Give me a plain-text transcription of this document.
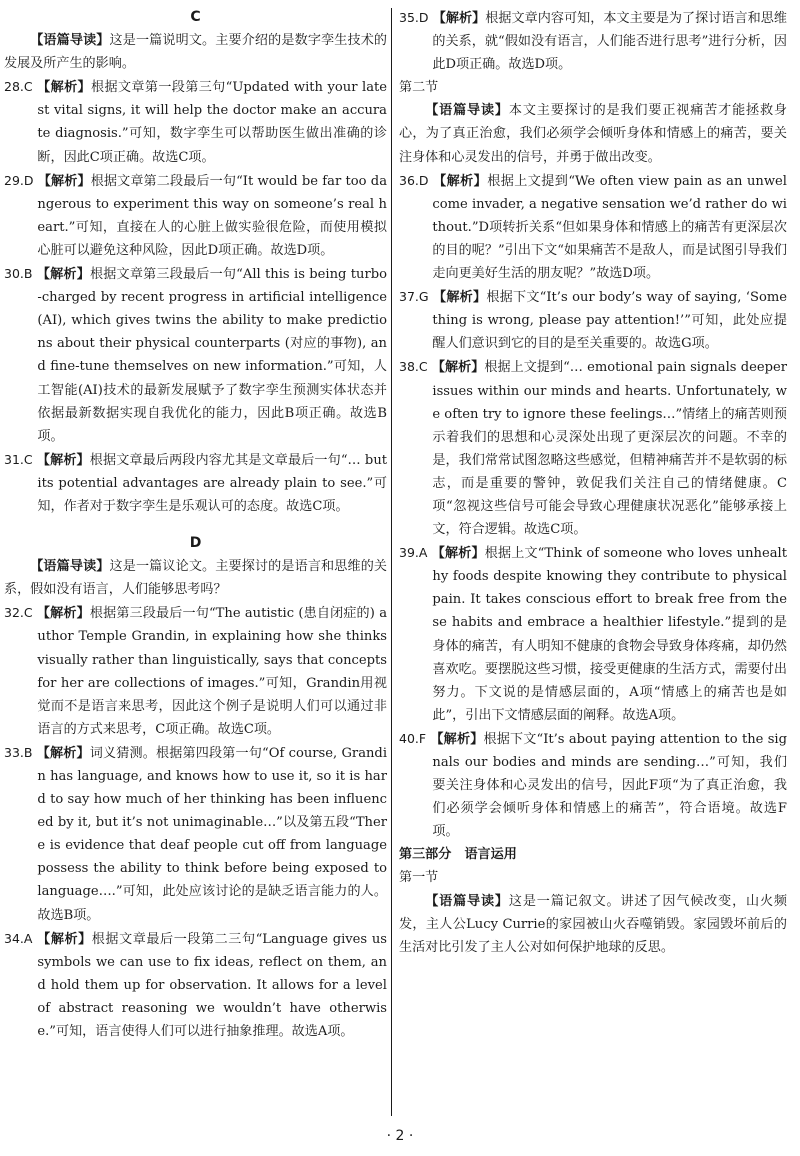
C

【语篇导读】这是一篇说明文。主要介绍的是数字孪生技术的发展及所产生的影响。

28.C 【解析】根据文章第一段第三句“Updated with your latest vital signs, it will help the doctor make an accurate diagnosis.”可知，数字孪生可以帮助医生做出准确的诊断，因此C项正确。故选C项。

29.D 【解析】根据文章第二段最后一句“It would be far too dangerous to experiment this way on someone’s real heart.”可知，直接在人的心脏上做实验很危险，而使用模拟心脏可以避免这种风险，因此D项正确。故选D项。

30.B 【解析】根据文章第三段最后一句“All this is being turbo-charged by recent progress in artificial intelligence (AI), which gives twins the ability to make predictions about their physical counterparts (对应的事物), and fine-tune themselves on new information.”可知，人工智能(AI)技术的最新发展赋予了数字孪生预测实体状态并依据最新数据实现自我优化的能力，因此B项正确。故选B项。

31.C 【解析】根据文章最后两段内容尤其是文章最后一句“… but its potential advantages are already plain to see.”可知，作者对于数字孪生是乐观认可的态度。故选C项。

D

【语篇导读】这是一篇议论文。主要探讨的是语言和思维的关系，假如没有语言，人们能够思考吗？

32.C 【解析】根据第三段最后一句“The autistic (患自闭症的) author Temple Grandin, in explaining how she thinks visually rather than linguistically, says that concepts for her are collections of images.”可知，Grandin用视觉而不是语言来思考，因此这个例子是说明人们可以通过非语言的方式来思考，C项正确。故选C项。

33.B 【解析】词义猜测。根据第四段第一句“Of course, Grandin has language, and knows how to use it, so it is hard to say how much of her thinking has been influenced by it, but it’s not unimaginable…”以及第五段“There is evidence that deaf people cut off from language possess the ability to think before being exposed to language….”可知，此处应该讨论的是缺乏语言能力的人。故选B项。

34.A 【解析】根据文章最后一段第二三句“Language gives us symbols we can use to fix ideas, reflect on them, and hold them up for observation. It allows for a level of abstract reasoning we wouldn’t have otherwise.”可知，语言使得人们可以进行抽象推理。故选A项。

35.D 【解析】根据文章内容可知，本文主要是为了探讨语言和思维的关系，就“假如没有语言，人们能否进行思考”进行分析，因此D项正确。故选D项。

第二节

【语篇导读】本文主要探讨的是我们要正视痛苦才能拯救身心，为了真正治愈，我们必须学会倾听身体和情感上的痛苦，要关注身体和心灵发出的信号，并勇于做出改变。

36.D 【解析】根据上文提到“We often view pain as an unwelcome invader, a negative sensation we’d rather do without.”D项转折关系“但如果身体和情感上的痛苦有更深层次的目的呢？”引出下文“如果痛苦不是敌人，而是试图引导我们走向更美好生活的朋友呢？”故选D项。

37.G 【解析】根据下文“It’s our body’s way of saying, ‘Something is wrong, please pay attention!’”可知，此处应提醒人们意识到它的目的是至关重要的。故选G项。

38.C 【解析】根据上文提到“… emotional pain signals deeper issues within our minds and hearts. Unfortunately, we often try to ignore these feelings…”情绪上的痛苦则预示着我们的思想和心灵深处出现了更深层次的问题。不幸的是，我们常常试图忽略这些感觉，但精神痛苦并不是软弱的标志，而是重要的警钟，敦促我们关注自己的情绪健康。C项“忽视这些信号可能会导致心理健康状况恶化”能够承接上文，符合逻辑。故选C项。

39.A 【解析】根据上文“Think of someone who loves unhealthy foods despite knowing they contribute to physical pain. It takes conscious effort to break free from these habits and embrace a healthier lifestyle.”提到的是身体的痛苦，有人明知不健康的食物会导致身体疼痛，却仍然喜欢吃。要摆脱这些习惯，接受更健康的生活方式，需要付出努力。下文说的是情感层面的，A项“情感上的痛苦也是如此”，引出下文情感层面的阐释。故选A项。

40.F 【解析】根据下文“It’s about paying attention to the signals our bodies and minds are sending…”可知，我们要关注身体和心灵发出的信号，因此F项“为了真正治愈，我们必须学会倾听身体和情感上的痛苦”，符合语境。故选F项。

第三部分　语言运用

第一节

【语篇导读】这是一篇记叙文。讲述了因气候改变，山火频发，主人公Lucy Currie的家园被山火吞噬销毁。家园毁坏前后的生活对比引发了主人公对如何保护地球的反思。

· 2 ·
